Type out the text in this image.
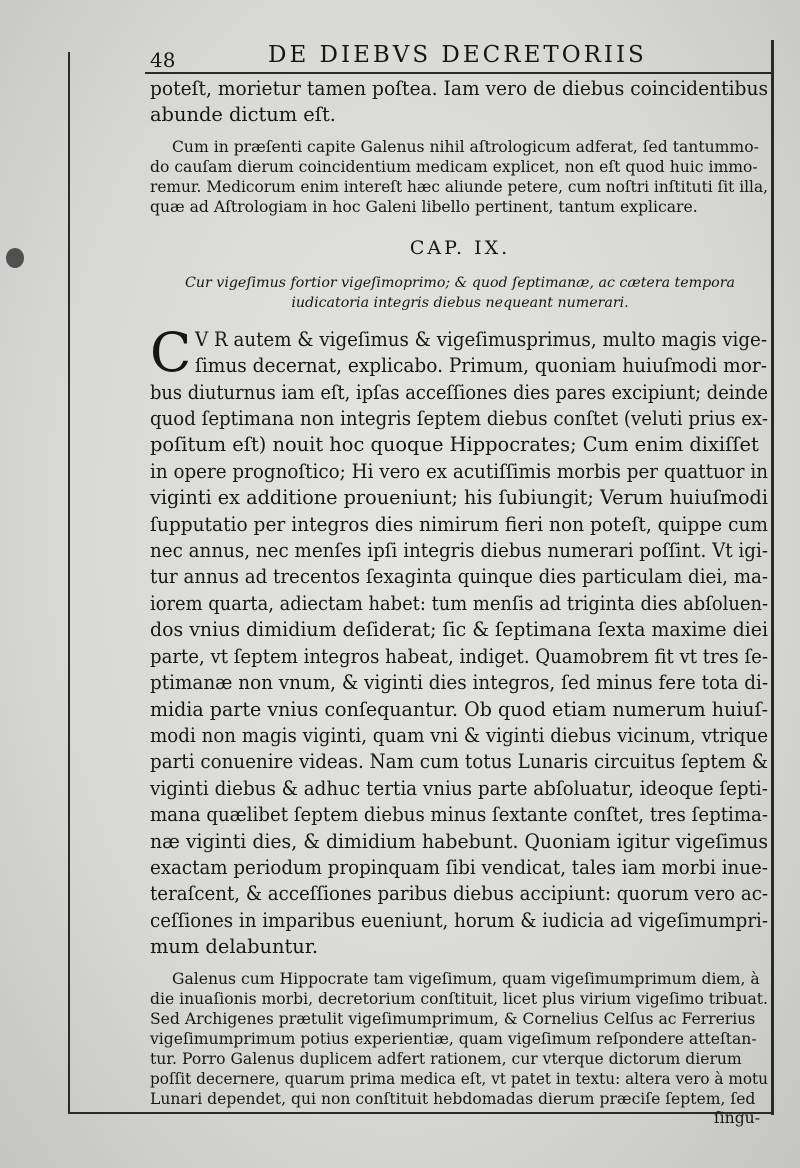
48	DE DIEBVS DECRETORIIS
poteſt, morietur tamen poſtea. Iam vero de diebus coincidentibus
abunde dictum eſt.
Cum in præſenti capite Galenus nihil aſtrologicum adferat, ſed tantummo-
do cauſam dierum coincidentium medicam explicet, non eſt quod huic immo-
remur. Medicorum enim intereſt hæc aliunde petere, cum noſtri inſtituti ſit illa,
quæ ad Aſtrologiam in hoc Galeni libello pertinent, tantum explicare.
CAP. IX.
Cur vigeſimus fortior vigeſimoprimo; & quod ſeptimanæ, ac cætera tempora
iudicatoria integris diebus nequeant numerari.
C V R autem & vigeſimus & vigeſimusprimus, multo magis vige-
ſimus decernat, explicabo. Primum, quoniam huiuſmodi mor-
bus diuturnus iam eſt, ipſas acceſſiones dies pares excipiunt; deinde
quod ſeptimana non integris ſeptem diebus conſtet (veluti prius ex-
poſitum eſt) nouit hoc quoque Hippocrates; Cum enim dixiſſet
in opere prognoſtico; Hi vero ex acutiſſimis morbis per quattuor in
viginti ex additione proueniunt; his ſubiungit; Verum huiuſmodi
ſupputatio per integros dies nimirum fieri non poteſt, quippe cum
nec annus, nec menſes ipſi integris diebus numerari poſſint. Vt igi-
tur annus ad trecentos ſexaginta quinque dies particulam diei, ma-
iorem quarta, adiectam habet: tum menſis ad triginta dies abſoluen-
dos vnius dimidium deſiderat; ſic & ſeptimana ſexta maxime diei
parte, vt ſeptem integros habeat, indiget. Quamobrem fit vt tres ſe-
ptimanæ non vnum, & viginti dies integros, ſed minus fere tota di-
midia parte vnius conſequantur. Ob quod etiam numerum huiuſ-
modi non magis viginti, quam vni & viginti diebus vicinum, vtrique
parti conuenire videas. Nam cum totus Lunaris circuitus ſeptem &
viginti diebus & adhuc tertia vnius parte abſoluatur, ideoque ſepti-
mana quælibet ſeptem diebus minus ſextante conſtet, tres ſeptima-
næ viginti dies, & dimidium habebunt. Quoniam igitur vigeſimus
exactam periodum propinquam ſibi vendicat, tales iam morbi inue-
teraſcent, & acceſſiones paribus diebus accipiunt: quorum vero ac-
ceſſiones in imparibus eueniunt, horum & iudicia ad vigeſimumpri-
mum delabuntur.
Galenus cum Hippocrate tam vigeſimum, quam vigeſimumprimum diem, à
die inuaſionis morbi, decretorium conſtituit, licet plus virium vigeſimo tribuat.
Sed Archigenes prætulit vigeſimumprimum, & Cornelius Celſus ac Ferrerius
vigeſimumprimum potius experientiæ, quam vigeſimum reſpondere atteſtan-
tur. Porro Galenus duplicem adfert rationem, cur vterque dictorum dierum
poſſit decernere, quarum prima medica eſt, vt patet in textu: altera vero à motu
Lunari dependet, qui non conſtituit hebdomadas dierum præciſe ſeptem, ſed
ſingu-
